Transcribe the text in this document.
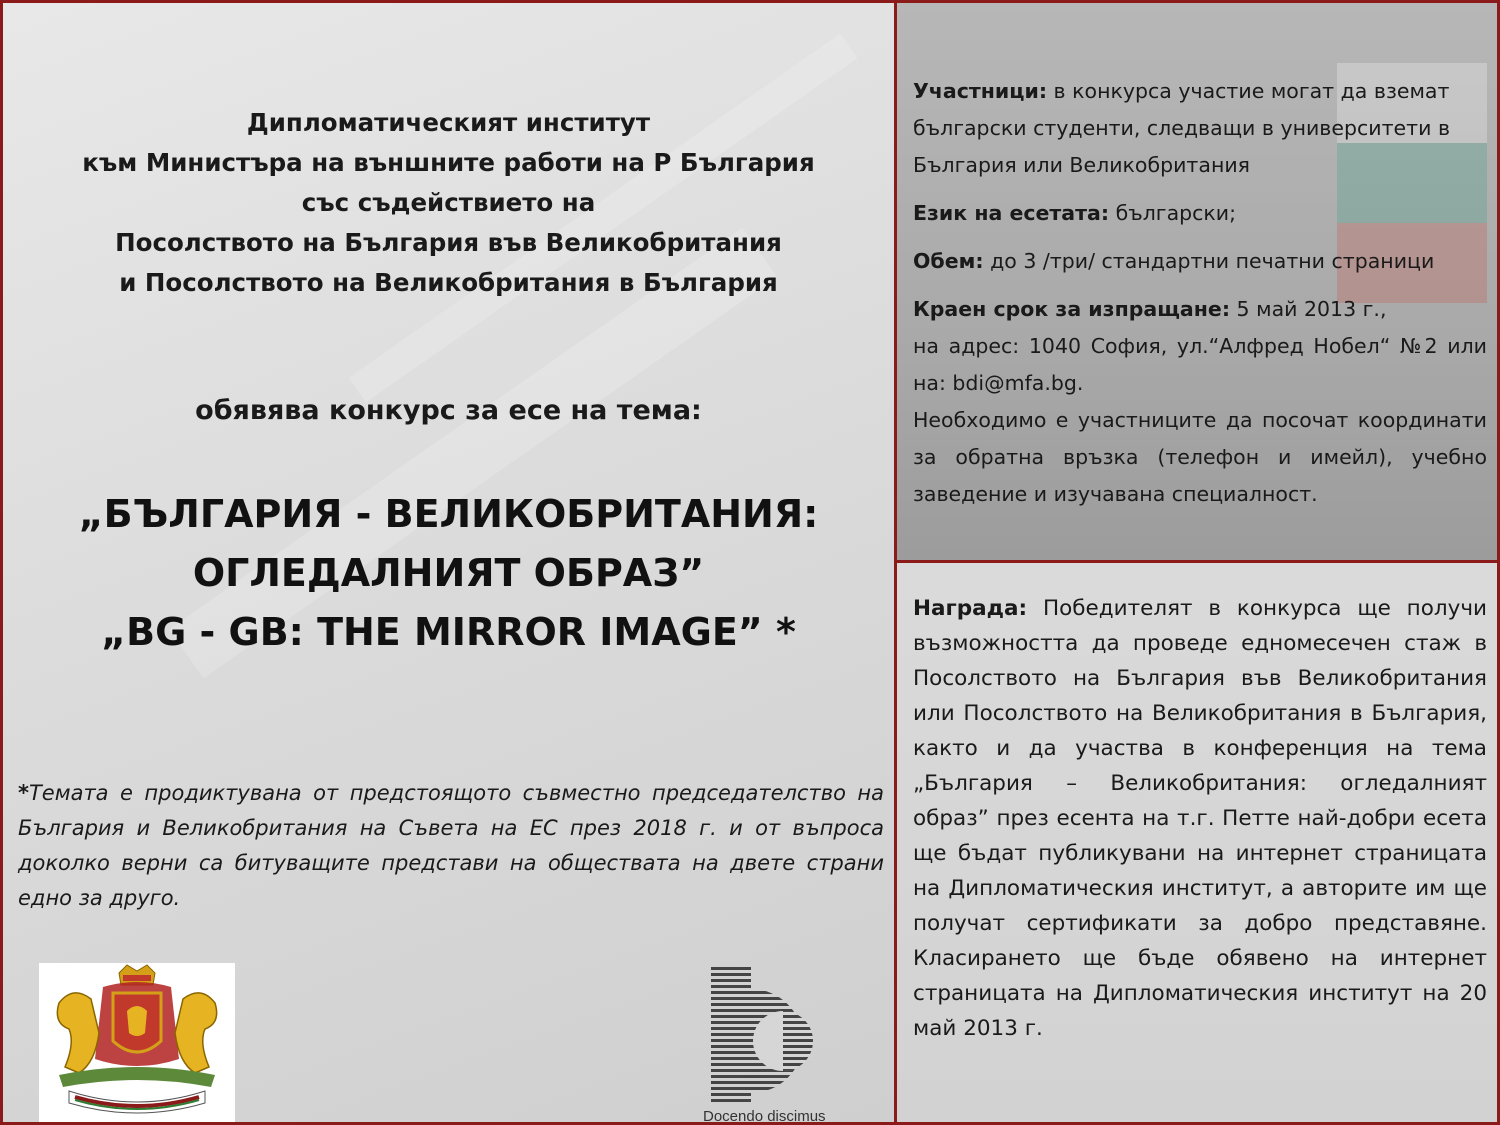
Дипломатическият институт
към Министъра на външните работи на Р България
със съдействието на
Посолството на България във Великобритания
и Посолството на Великобритания в България
обявява конкурс за есе на тема:
„БЪЛГАРИЯ - ВЕЛИКОБРИТАНИЯ:
ОГЛЕДАЛНИЯТ ОБРАЗ”
„BG - GB: THE MIRROR IMAGE” *
*Темата е продиктувана от предстоящото съвместно председателство на България и Великобритания на Съвета на ЕС през 2018 г. и от въпроса доколко верни са битуващите представи на обществата на двете страни едно за друго.
Docendo discimus

Участници: в конкурса участие могат да вземат български студенти, следващи в университети в България или Великобритания

Език на есетата: български;

Обем: до 3 /три/ стандартни печатни страници

Краен срок за изпращане: 5 май 2013 г.,
на адрес: 1040 София, ул.“Алфред Нобел“ №2 или на: bdi@mfa.bg.
Необходимо е участниците да посочат координати за обратна връзка (телефон и имейл), учебно заведение и изучавана специалност.
Награда: Победителят в конкурса ще получи възможността да проведе едномесечен стаж в Посолството на България във Великобритания или Посолството на Великобритания в България, както и да участва в конференция на тема „България – Великобритания: огледалният образ” през есента на т.г. Петте най-добри есета ще бъдат публикувани на интернет страницата на Дипломатическия институт, а авторите им ще получат сертификати за добро представяне. Класирането ще бъде обявено на интернет страницата на Дипломатическия институт на 20 май 2013 г.
